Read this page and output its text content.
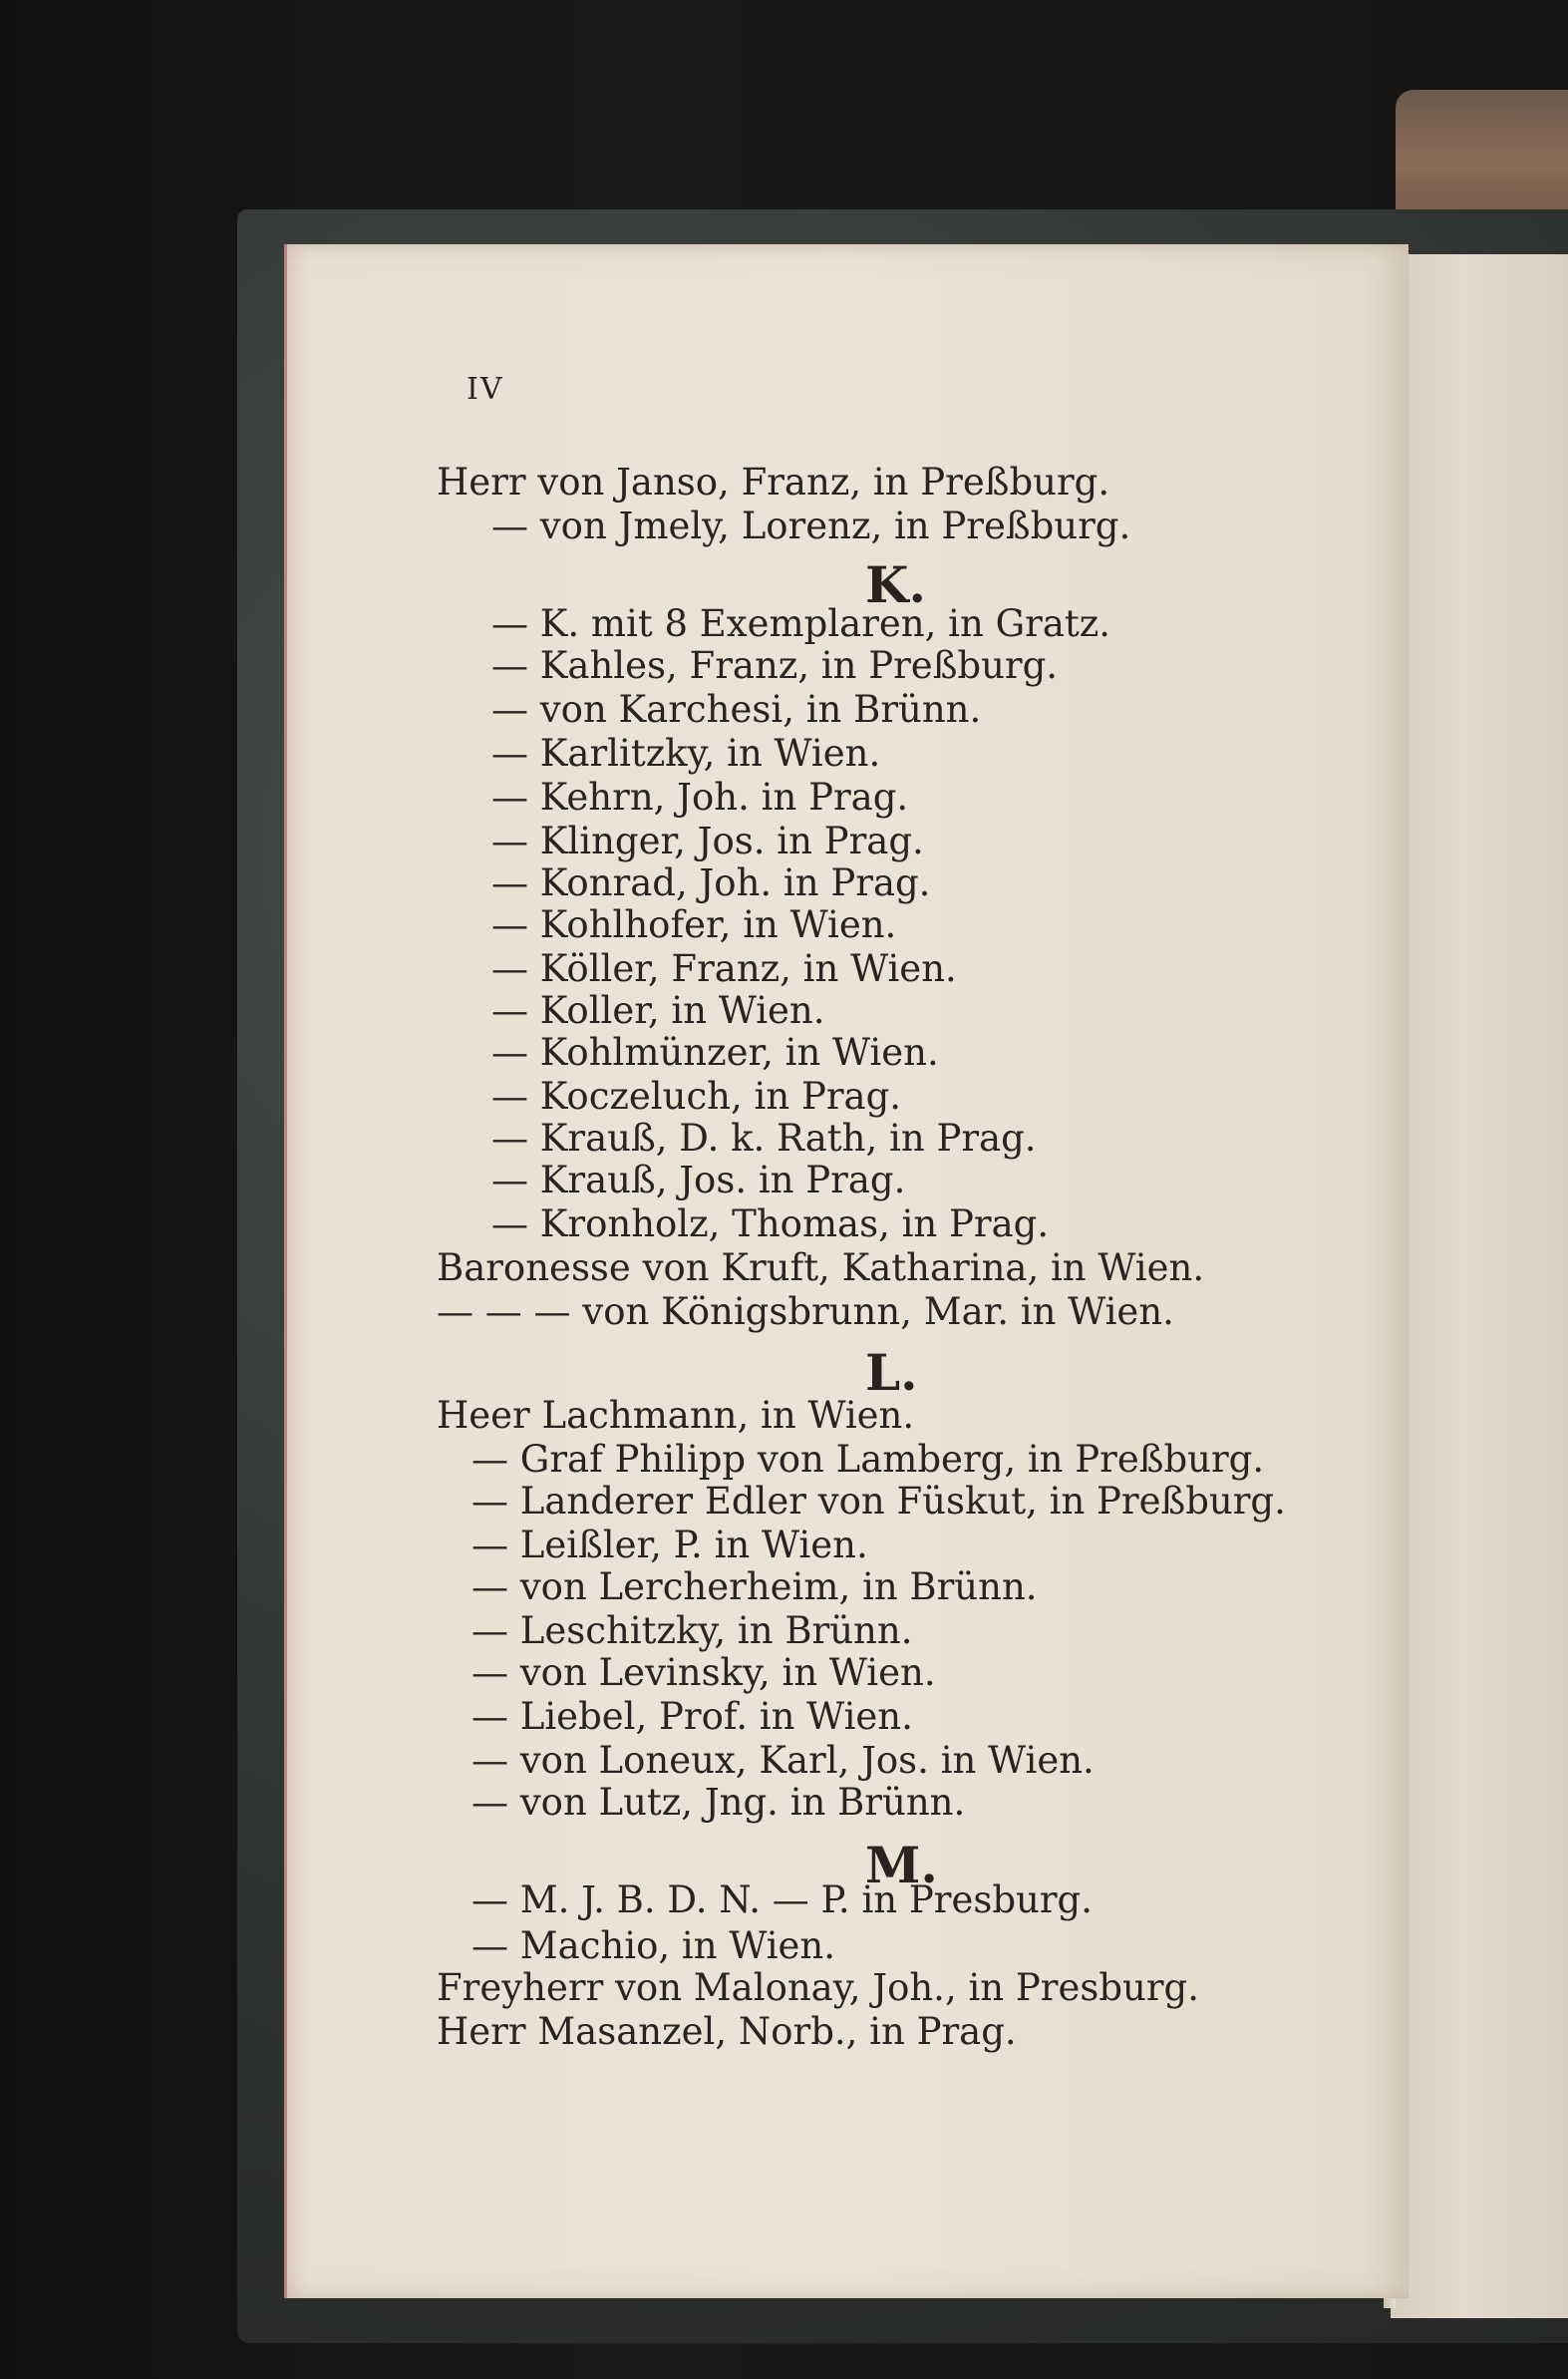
IV
Herr von Janso, Franz, in Preßburg.
— von Jmely, Lorenz, in Preßburg.
K.
— K. mit 8 Exemplaren, in Gratz.
— Kahles, Franz, in Preßburg.
— von Karchesi, in Brünn.
— Karlitzky, in Wien.
— Kehrn, Joh. in Prag.
— Klinger, Jos. in Prag.
— Konrad, Joh. in Prag.
— Kohlhofer, in Wien.
— Köller, Franz, in Wien.
— Koller, in Wien.
— Kohlmünzer, in Wien.
— Koczeluch, in Prag.
— Krauß, D. k. Rath, in Prag.
— Krauß, Jos. in Prag.
— Kronholz, Thomas, in Prag.
Baronesse von Kruft, Katharina, in Wien.
— — — von Königsbrunn, Mar. in Wien.
L.
Heer Lachmann, in Wien.
— Graf Philipp von Lamberg, in Preßburg.
— Landerer Edler von Füskut, in Preßburg.
— Leißler, P. in Wien.
— von Lercherheim, in Brünn.
— Leschitzky, in Brünn.
— von Levinsky, in Wien.
— Liebel, Prof. in Wien.
— von Loneux, Karl, Jos. in Wien.
— von Lutz, Jng. in Brünn.
M.
— M. J. B. D. N. — P. in Presburg.
— Machio, in Wien.
Freyherr von Malonay, Joh., in Presburg.
Herr Masanzel, Norb., in Prag.
